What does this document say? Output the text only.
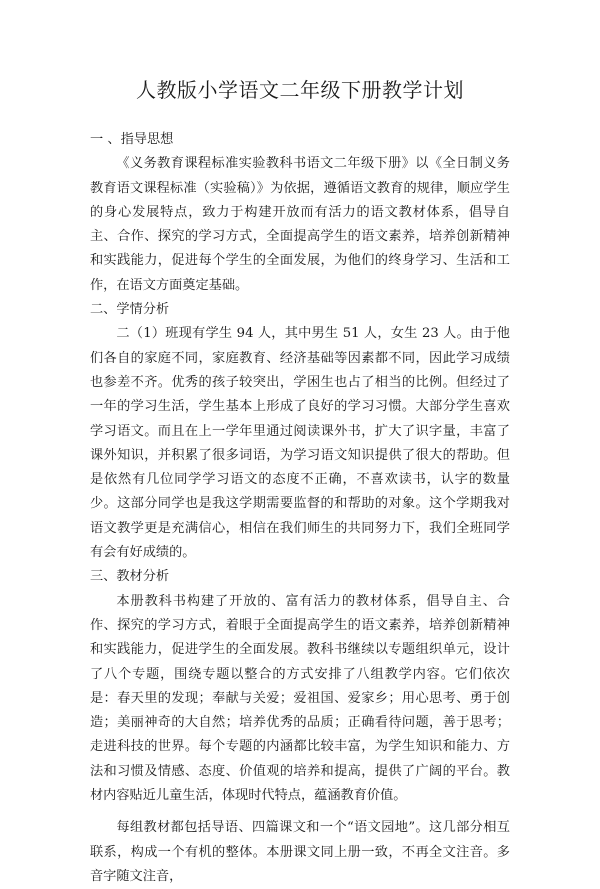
人教版小学语文二年级下册教学计划

一 、指导思想

《义务教育课程标准实验教科书语文二年级下册》以《全日制义务教育语文课程标准（实验稿）》为依据，遵循语文教育的规律，顺应学生的身心发展特点，致力于构建开放而有活力的语文教材体系，倡导自主、合作、探究的学习方式，全面提高学生的语文素养，培养创新精神和实践能力，促进每个学生的全面发展，为他们的终身学习、生活和工作，在语文方面奠定基础。

二、学情分析

二（1）班现有学生 94 人，其中男生 51 人，女生 23 人。由于他们各自的家庭不同，家庭教育、经济基础等因素都不同，因此学习成绩也参差不齐。优秀的孩子较突出，学困生也占了相当的比例。但经过了一年的学习生活，学生基本上形成了良好的学习习惯。大部分学生喜欢学习语文。而且在上一学年里通过阅读课外书，扩大了识字量，丰富了课外知识，并积累了很多词语，为学习语文知识提供了很大的帮助。但是依然有几位同学学习语文的态度不正确，不喜欢读书，认字的数量少。这部分同学也是我这学期需要监督的和帮助的对象。这个学期我对语文教学更是充满信心，相信在我们师生的共同努力下，我们全班同学有会有好成绩的。

三、教材分析

本册教科书构建了开放的、富有活力的教材体系，倡导自主、合作、探究的学习方式，着眼于全面提高学生的语文素养，培养创新精神和实践能力，促进学生的全面发展。教科书继续以专题组织单元，设计了八个专题，围绕专题以整合的方式安排了八组教学内容。它们依次是：春天里的发现；奉献与关爱；爱祖国、爱家乡；用心思考、勇于创造；美丽神奇的大自然；培养优秀的品质；正确看待问题，善于思考；走进科技的世界。每个专题的内涵都比较丰富，为学生知识和能力、方法和习惯及情感、态度、价值观的培养和提高，提供了广阔的平台。教材内容贴近儿童生活，体现时代特点，蕴涵教育价值。

每组教材都包括导语、四篇课文和一个“语文园地”。这几部分相互联系，构成一个有机的整体。本册课文同上册一致，不再全文注音。多音字随文注音，
